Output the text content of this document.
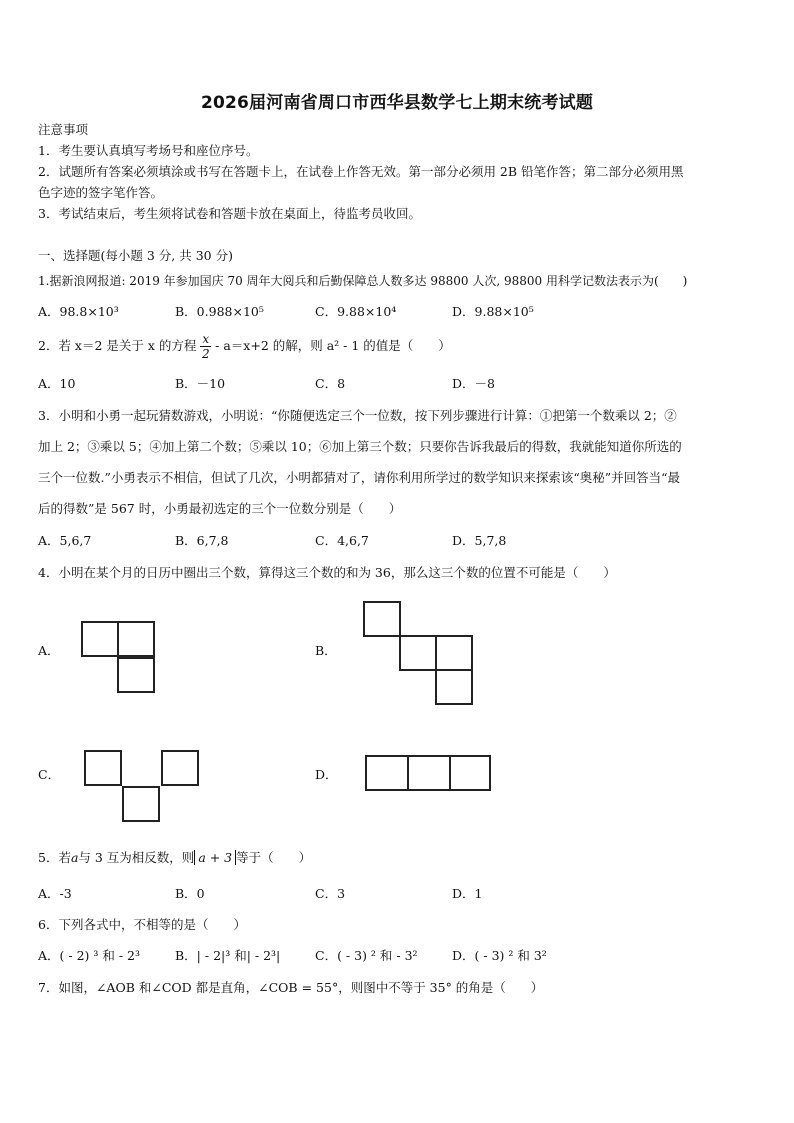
2026届河南省周口市西华县数学七上期末统考试题
注意事项
1．考生要认真填写考场号和座位序号。
2．试题所有答案必须填涂或书写在答题卡上，在试卷上作答无效。第一部分必须用 2B 铅笔作答；第二部分必须用黑
色字迹的签字笔作答。
3．考试结束后，考生须将试卷和答题卡放在桌面上，待监考员收回。
一、选择题(每小题 3 分, 共 30 分)
1.据新浪网报道: 2019 年参加国庆 70 周年大阅兵和后勤保障总人数多达 98800 人次, 98800 用科学记数法表示为(　　)
A．98.8×10³	B．0.988×10⁵	C．9.88×10⁴	D．9.88×10⁵
2．若 x＝2 是关于 x 的方程 $\frac{x}{2} - a=x+2$ 的解，则 a² - 1 的值是（　　）
A．10	B．－10	C．8	D．－8
3．小明和小勇一起玩猜数游戏，小明说：“你随便选定三个一位数，按下列步骤进行计算：①把第一个数乘以 2；②
加上 2；③乘以 5；④加上第二个数；⑤乘以 10；⑥加上第三个数；只要你告诉我最后的得数，我就能知道你所选的
三个一位数.”小勇表示不相信，但试了几次，小明都猜对了，请你利用所学过的数学知识来探索该“奥秘”并回答当“最
后的得数”是 567 时，小勇最初选定的三个一位数分别是（　　）
A．5,6,7	B．6,7,8	C．4,6,7	D．5,7,8
4．小明在某个月的日历中圈出三个数，算得这三个数的和为 36，那么这三个数的位置不可能是（　　）
A．	B．
C．	D．
5．若a与 3 互为相反数，则 a + 3 等于（　　）
A．-3	B．0	C．3	D．1
6．下列各式中，不相等的是（　　）
A．( - 2) ³ 和 - 2³	B．| - 2|³ 和| - 2³|	C．( - 3) ² 和 - 3²	D．( - 3) ² 和 3²
7．如图，∠AOB 和∠COD 都是直角，∠COB = 55°，则图中不等于 35° 的角是（　　）
